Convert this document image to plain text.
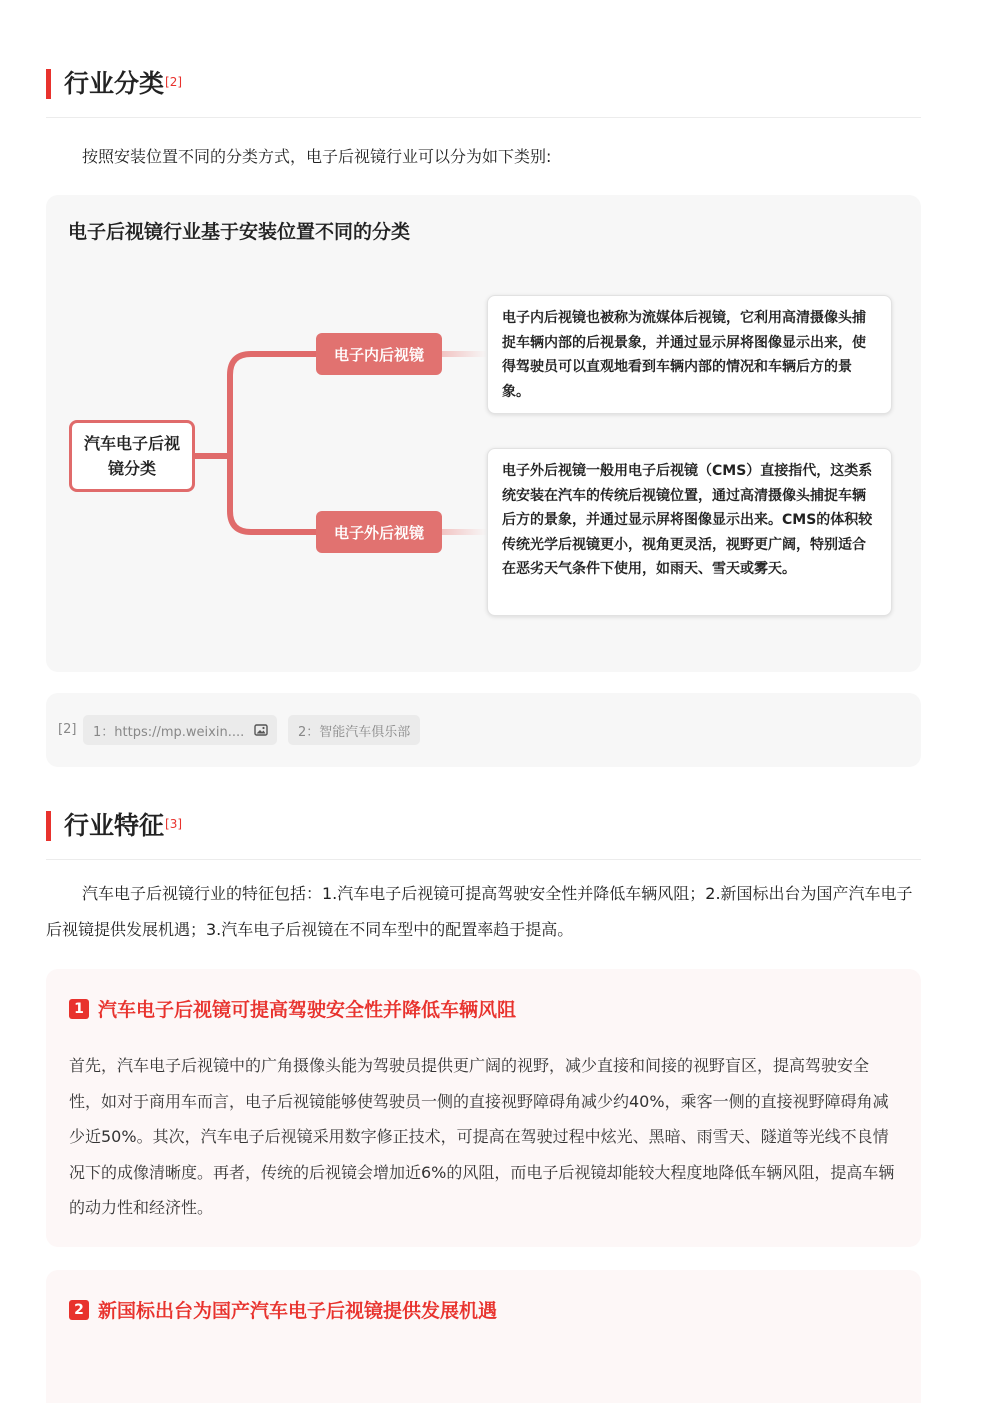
行业分类[2]
按照安装位置不同的分类方式，电子后视镜行业可以分为如下类别:
电子后视镜行业基于安装位置不同的分类
汽车电子后视镜分类
电子内后视镜
电子外后视镜
电子内后视镜也被称为流媒体后视镜，它利用高清摄像头捕捉车辆内部的后视景象，并通过显示屏将图像显示出来，使得驾驶员可以直观地看到车辆内部的情况和车辆后方的景象。
电子外后视镜一般用电子后视镜（CMS）直接指代，这类系统安装在汽车的传统后视镜位置，通过高清摄像头捕捉车辆后方的景象，并通过显示屏将图像显示出来。CMS的体积较传统光学后视镜更小，视角更灵活，视野更广阔，特别适合在恶劣天气条件下使用，如雨天、雪天或雾天。
[2] 1：https://mp.weixin....	2：智能汽车俱乐部
行业特征[3]
汽车电子后视镜行业的特征包括：1.汽车电子后视镜可提高驾驶安全性并降低车辆风阻；2.新国标出台为国产汽车电子后视镜提供发展机遇；3.汽车电子后视镜在不同车型中的配置率趋于提高。
1 汽车电子后视镜可提高驾驶安全性并降低车辆风阻
首先，汽车电子后视镜中的广角摄像头能为驾驶员提供更广阔的视野，减少直接和间接的视野盲区，提高驾驶安全性，如对于商用车而言，电子后视镜能够使驾驶员一侧的直接视野障碍角减少约40%，乘客一侧的直接视野障碍角减少近50%。其次，汽车电子后视镜采用数字修正技术，可提高在驾驶过程中炫光、黑暗、雨雪天、隧道等光线不良情况下的成像清晰度。再者，传统的后视镜会增加近6%的风阻，而电子后视镜却能较大程度地降低车辆风阻，提高车辆的动力性和经济性。
2 新国标出台为国产汽车电子后视镜提供发展机遇
